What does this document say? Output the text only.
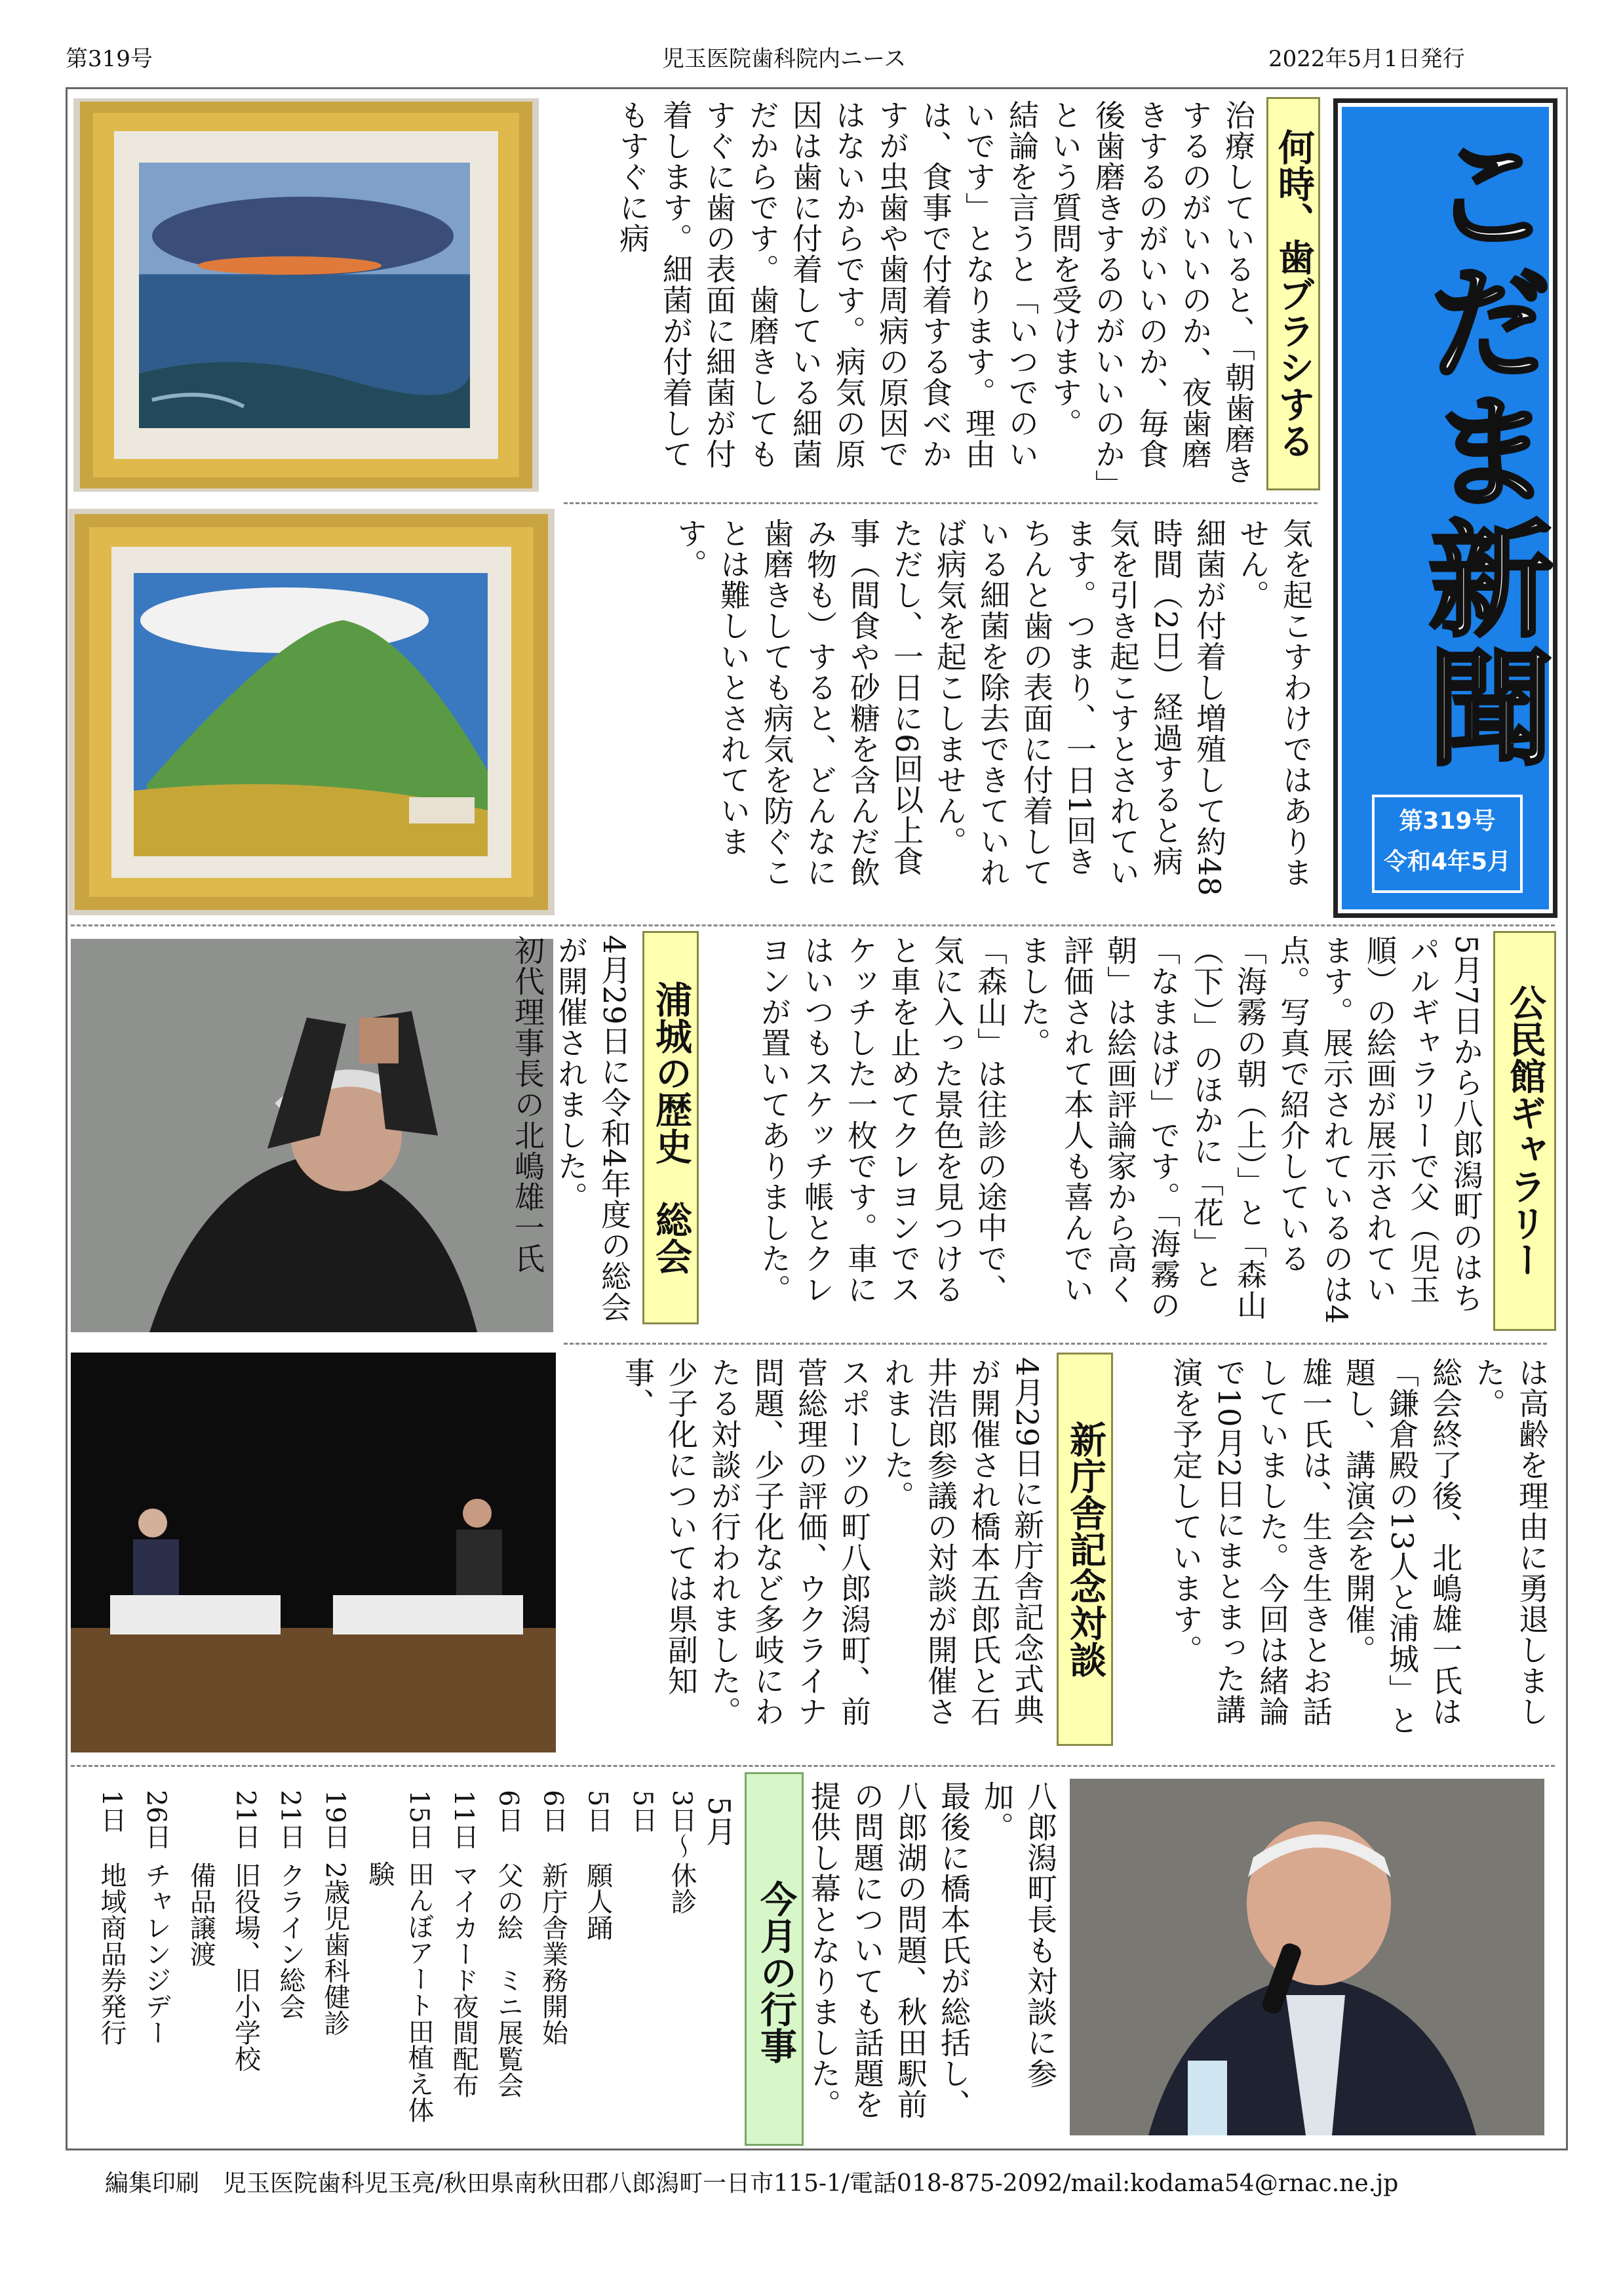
第319号	児玉医院歯科院内ニース	2022年5月1日発行
こだま新聞
第319号
令和4年5月
何時、歯ブラシする
治療していると、「朝歯磨きするのがいいのか、夜歯磨きするのがいいのか、毎食後歯磨きするのがいいのか」という質問を受けます。
結論を言うと「いつでのいいです」となります。理由は、食事で付着する食べかすが虫歯や歯周病の原因ではないからです。病気の原因は歯に付着している細菌だからです。歯磨きしてもすぐに歯の表面に細菌が付着します。細菌が付着してもすぐに病
気を起こすわけではありません。
細菌が付着し増殖して約48時間（2日）経過すると病気を引き起こすとされています。つまり、一日1回きちんと歯の表面に付着している細菌を除去できていれば病気を起こしません。
ただし、一日に6回以上食事（間食や砂糖を含んだ飲み物も）すると、どんなに歯磨きしても病気を防ぐことは難しいとされています。
公民館ギャラリー
5月7日から八郎潟町のはちパルギャラリーで父（児玉順）の絵画が展示されています。展示されているのは4点。写真で紹介している「海霧の朝（上）」と「森山（下）」のほかに「花」と「なまはげ」です。「海霧の朝」は絵画評論家から高く評価されて本人も喜んでいました。
「森山」は往診の途中で、気に入った景色を見つけると車を止めてクレヨンでスケッチした一枚です。車にはいつもスケッチ帳とクレヨンが置いてありました。
浦城の歴史　総会
4月29日に令和4年度の総会が開催されました。
初代理事長の北嶋雄一氏
は高齢を理由に勇退しました。
総会終了後、北嶋雄一氏は「鎌倉殿の13人と浦城」と題し、講演会を開催。
雄一氏は、生き生きとお話していました。今回は緒論で10月2日にまとまった講演を予定しています。
新庁舎記念対談
4月29日に新庁舎記念式典が開催され橋本五郎氏と石井浩郎参議の対談が開催されました。
スポーツの町八郎潟町、前菅総理の評価、ウクライナ問題、少子化など多岐にわたる対談が行われました。
少子化については県副知事、
八郎潟町長も対談に参加。
最後に橋本氏が総括し、八郎湖の問題、秋田駅前の問題についても話題を提供し幕となりました。
今月の行事
5月
3日～5日
休診
5日
願人踊
6日
新庁舎業務開始
6日
父の絵　ミニ展覧会
11日
マイカード夜間配布
15日
田んぼアート田植え体験
19日
2歳児歯科健診
21日
クライン総会
21日
旧役場、旧小学校
備品譲渡
26日
チャレンジデー
1日
地域商品券発行
編集印刷　児玉医院歯科児玉亮/秋田県南秋田郡八郎潟町一日市115-1/電話018-875-2092/mail:kodama54@rnac.ne.jp
